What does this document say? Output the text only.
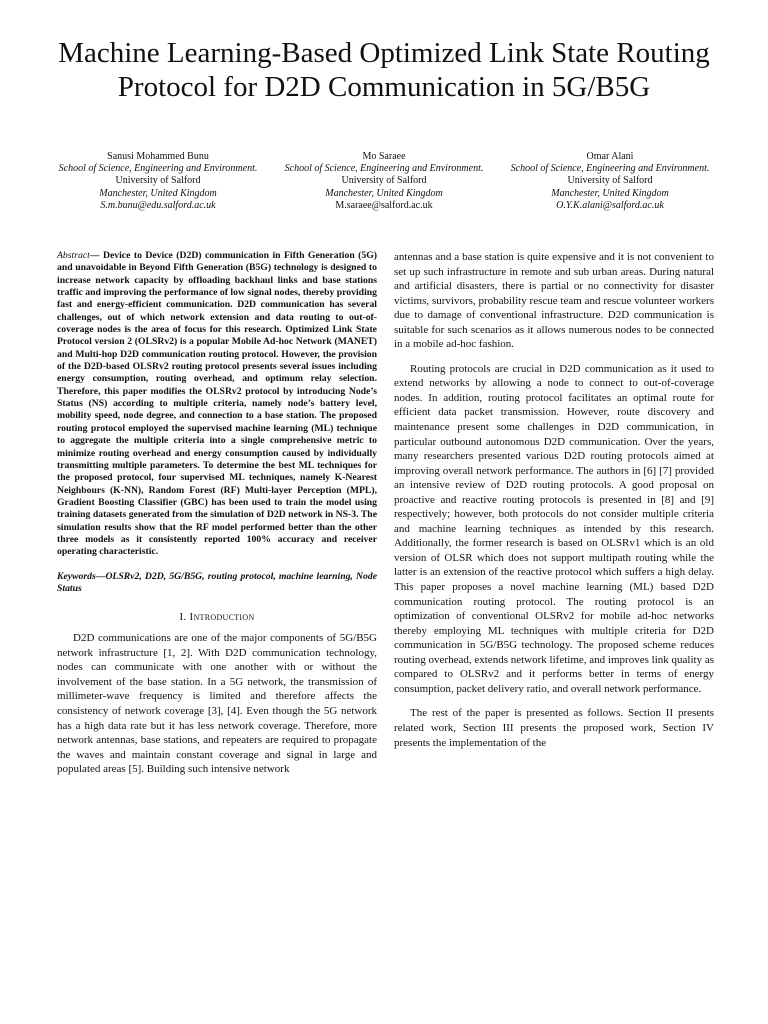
Machine Learning-Based Optimized Link State Routing Protocol for D2D Communication in 5G/B5G
Sanusi Mohammed Bunu
School of Science, Engineering and Environment.
University of Salford
Manchester, United Kingdom
S.m.bunu@edu.salford.ac.uk
Mo Saraee
School of Science, Engineering and Environment.
University of Salford
Manchester, United Kingdom
M.saraee@salford.ac.uk
Omar Alani
School of Science, Engineering and Environment.
University of Salford
Manchester, United Kingdom
O.Y.K.alani@salford.ac.uk

Abstract— Device to Device (D2D) communication in Fifth Generation (5G) and unavoidable in Beyond Fifth Generation (B5G) technology is designed to increase network capacity by offloading backhaul links and base stations traffic and improving the performance of low signal nodes, thereby providing fast and energy-efficient communication. D2D communication has several challenges, out of which network extension and data routing to out-of-coverage nodes is the area of focus for this research. Optimized Link State Protocol version 2 (OLSRv2) is a popular Mobile Ad-hoc Network (MANET) and Multi-hop D2D communication routing protocol. However, the provision of the D2D-based OLSRv2 routing protocol presents several issues including energy consumption, routing overhead, and optimum relay selection. Therefore, this paper modifies the OLSRv2 protocol by introducing Node’s Status (NS) according to multiple criteria, namely node’s battery level, mobility speed, node degree, and connection to a base station. The proposed routing protocol employed the supervised machine learning (ML) technique to aggregate the multiple criteria into a single comprehensive metric to minimize routing overhead and energy consumption caused by individually transmitting multiple parameters. To determine the best ML techniques for the proposed protocol, four supervised ML techniques, namely K-Nearest Neighbours (K-NN), Random Forest (RF) Multi-layer Perception (MPL), Gradient Boosting Classifier (GBC) has been used to train the model using training datasets generated from the simulation of D2D network in NS-3. The simulation results show that the RF model performed better than the other three models as it consistently reported 100% accuracy and receiver operating characteristic.

Keywords—OLSRv2, D2D, 5G/B5G, routing protocol, machine learning, Node Status

I. Introduction

D2D communications are one of the major components of 5G/B5G network infrastructure [1, 2]. With D2D communication technology, nodes can communicate with one another with or without the involvement of the base station. In a 5G network, the transmission of millimeter-wave frequency is limited and therefore affects the consistency of network coverage [3], [4]. Even though the 5G network has a high data rate but it has less network coverage. Therefore, more network antennas, base stations, and repeaters are required to propagate the waves and maintain constant coverage and signal in large and populated areas [5]. Building such intensive network

antennas and a base station is quite expensive and it is not convenient to set up such infrastructure in remote and sub urban areas. During natural and artificial disasters, there is partial or no connectivity for disaster victims, survivors, probability rescue team and rescue volunteer workers due to damage of conventional infrastructure. D2D communication is suitable for such scenarios as it allows numerous nodes to be connected in a mobile ad-hoc fashion.

Routing protocols are crucial in D2D communication as it used to extend networks by allowing a node to connect to out-of-coverage nodes. In addition, routing protocol facilitates an optimal route for efficient data packet transmission. However, route discovery and maintenance present some challenges in D2D communication, in particular outbound autonomous D2D communication. Over the years, many researchers presented various D2D routing protocols aimed at improving overall network performance. The authors in [6] [7] provided an intensive review of D2D routing protocols. A good proposal on proactive and reactive routing protocols is presented in [8] and [9] respectively; however, both protocols do not consider multiple criteria and machine learning techniques as intended by this research. Additionally, the former research is based on OLSRv1 which is an old version of OLSR which does not support multipath routing while the latter is an extension of the reactive protocol which suffers a high delay. This paper proposes a novel machine learning (ML) based D2D communication routing protocol. The routing protocol is an optimization of conventional OLSRv2 for mobile ad-hoc networks thereby employing ML techniques with multiple criteria for D2D communication in 5G/B5G technology. The proposed scheme reduces routing overhead, extends network lifetime, and improves link quality as compared to OLSRv2 and it performs better in terms of energy consumption, packet delivery ratio, and overall network performance.

The rest of the paper is presented as follows. Section II presents related work, Section III presents the proposed work, Section IV presents the implementation of the
